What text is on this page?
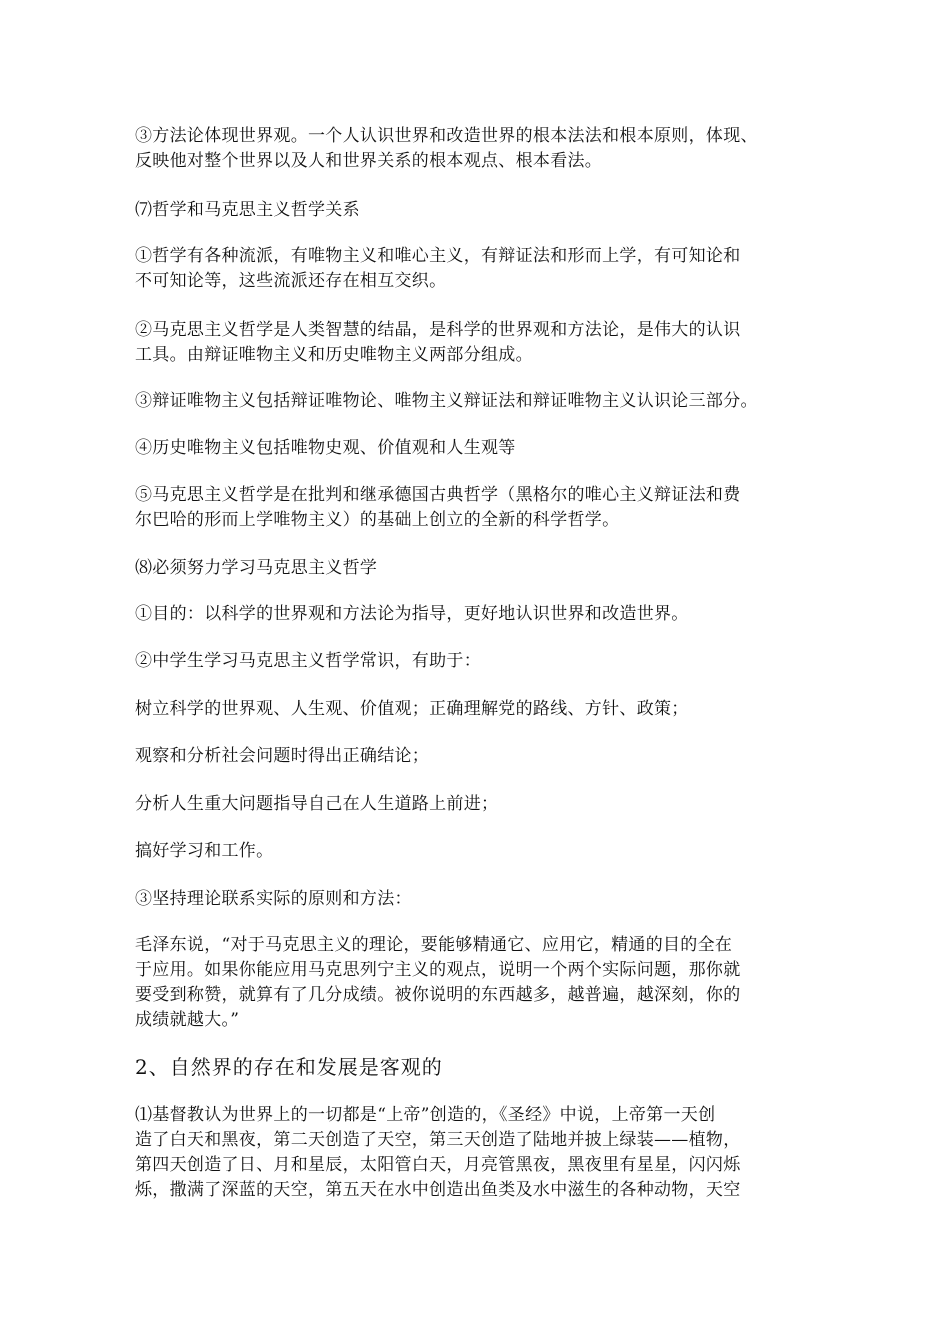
③方法论体现世界观。一个人认识世界和改造世界的根本法法和根本原则，体现、
反映他对整个世界以及人和世界关系的根本观点、根本看法。
⑺哲学和马克思主义哲学关系
①哲学有各种流派，有唯物主义和唯心主义，有辩证法和形而上学，有可知论和
不可知论等，这些流派还存在相互交织。
②马克思主义哲学是人类智慧的结晶，是科学的世界观和方法论，是伟大的认识
工具。由辩证唯物主义和历史唯物主义两部分组成。
③辩证唯物主义包括辩证唯物论、唯物主义辩证法和辩证唯物主义认识论三部分。
④历史唯物主义包括唯物史观、价值观和人生观等
⑤马克思主义哲学是在批判和继承德国古典哲学（黑格尔的唯心主义辩证法和费
尔巴哈的形而上学唯物主义）的基础上创立的全新的科学哲学。
⑻必须努力学习马克思主义哲学
①目的：以科学的世界观和方法论为指导，更好地认识世界和改造世界。
②中学生学习马克思主义哲学常识，有助于：
树立科学的世界观、人生观、价值观；正确理解党的路线、方针、政策；
观察和分析社会问题时得出正确结论；
分析人生重大问题指导自己在人生道路上前进；
搞好学习和工作。
③坚持理论联系实际的原则和方法：
毛泽东说，“对于马克思主义的理论，要能够精通它、应用它，精通的目的全在
于应用。如果你能应用马克思列宁主义的观点，说明一个两个实际问题，那你就
要受到称赞，就算有了几分成绩。被你说明的东西越多，越普遍，越深刻，你的
成绩就越大。”
2、自然界的存在和发展是客观的
⑴基督教认为世界上的一切都是“上帝”创造的，《圣经》中说，上帝第一天创
造了白天和黑夜，第二天创造了天空，第三天创造了陆地并披上绿装——植物，
第四天创造了日、月和星辰，太阳管白天，月亮管黑夜，黑夜里有星星，闪闪烁
烁，撒满了深蓝的天空，第五天在水中创造出鱼类及水中滋生的各种动物，天空
